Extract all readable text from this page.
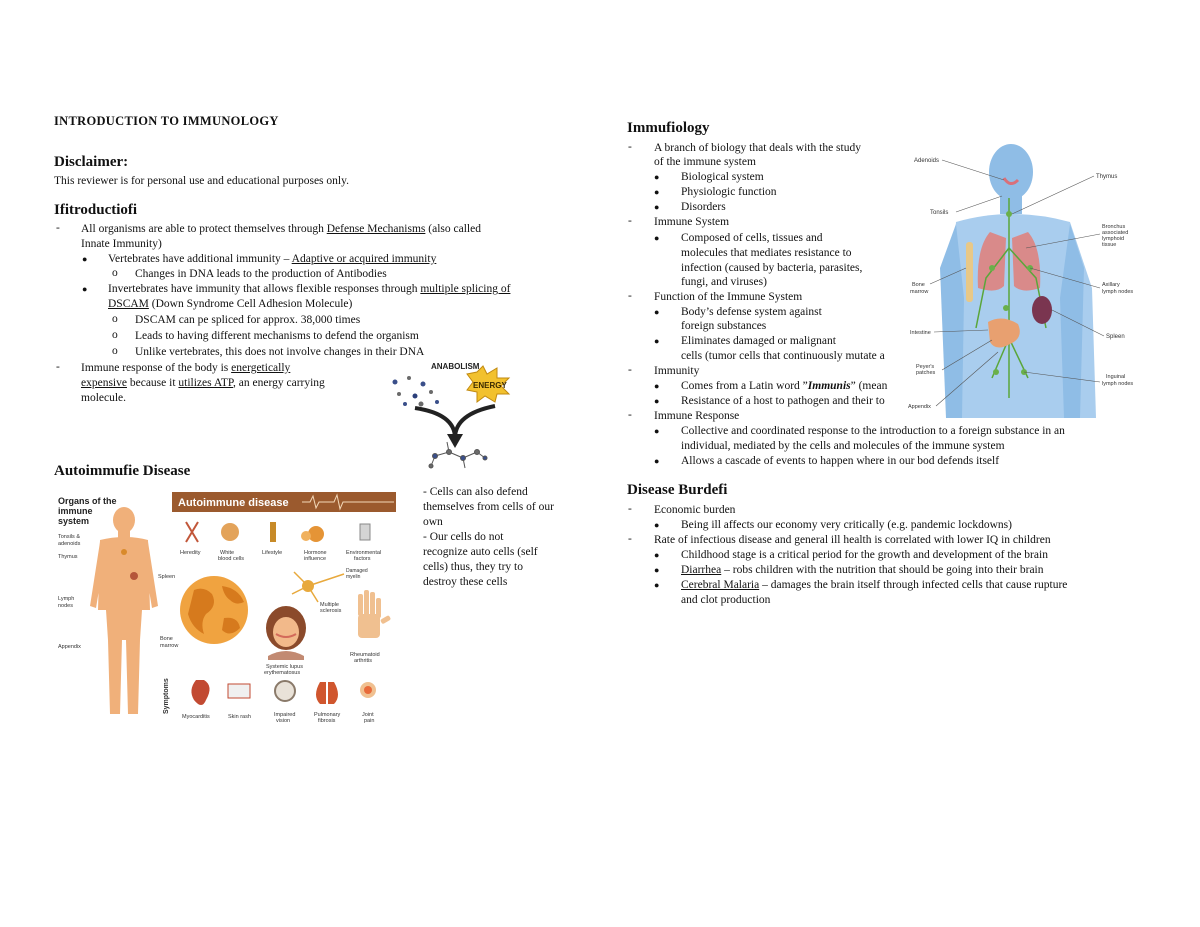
INTRODUCTION TO IMMUNOLOGY
Disclaimer:
This reviewer is for personal use and educational purposes only.
Ifitroductiofi
- All organisms are able to protect themselves through Defense Mechanisms (also called
Innate Immunity)
● Vertebrates have additional immunity – Adaptive or acquired immunity
o Changes in DNA leads to the production of Antibodies
● Invertebrates have immunity that allows flexible responses through multiple splicing of
DSCAM (Down Syndrome Cell Adhesion Molecule)
o DSCAM can pe spliced for approx. 38,000 times
o Leads to having different mechanisms to defend the organism
o Unlike vertebrates, this does not involve changes in their DNA
- Immune response of the body is energetically
expensive because it utilizes ATP, an energy carrying
molecule.
ANABOLISM
ENERGY
Autoimmufie Disease
Organs of the
immune
system
Tonsils &
adenoids
Thymus
Lymph
nodes
Appendix
Spleen
Bone
marrow
Autoimmune disease
Heredity	White
blood cells
Lifestyle	Hormone
influence
Environmental
factors
Damaged
myelin
Multiple
sclerosis
Systemic lupus
erythematosus
Rheumatoid
arthritis
Symptoms
Myocarditis	Skin rash	Impaired
vision
Pulmonary
fibrosis
Joint
pain
- Cells can also defend
themselves from cells of our
own
- Our cells do not
recognize auto cells (self
cells) thus, they try to
destroy these cells
Adenoids
Tonsils
Thymus
Bronchus
associated
lymphoid
tissue
Bone
marrow
Axillary
lymph nodes
Intestine
Spleen
Peyer's
patches
Inguinal
lymph nodes
Appendix
Immufiology
- A branch of biology that deals with the study
of the immune system
● Biological system
● Physiologic function
● Disorders
- Immune System
● Composed of cells, tissues and
molecules that mediates resistance to
infection (caused by bacteria, parasites,
fungi, and viruses)
- Function of the Immune System
● Body’s defense system against
foreign substances
● Eliminates damaged or malignant
cells (tumor cells that continuously mutate a
- Immunity
● Comes from a Latin word ”Immunis” (mean
● Resistance of a host to pathogen and their to
- Immune Response
● Collective and coordinated response to the introduction to a foreign substance in an
individual, mediated by the cells and molecules of the immune system
● Allows a cascade of events to happen where in our bod defends itself
Disease Burdefi
- Economic burden
● Being ill affects our economy very critically (e.g. pandemic lockdowns)
- Rate of infectious disease and general ill health is correlated with lower IQ in children
● Childhood stage is a critical period for the growth and development of the brain
● Diarrhea – robs children with the nutrition that should be going into their brain
● Cerebral Malaria – damages the brain itself through infected cells that cause rupture
and clot production
